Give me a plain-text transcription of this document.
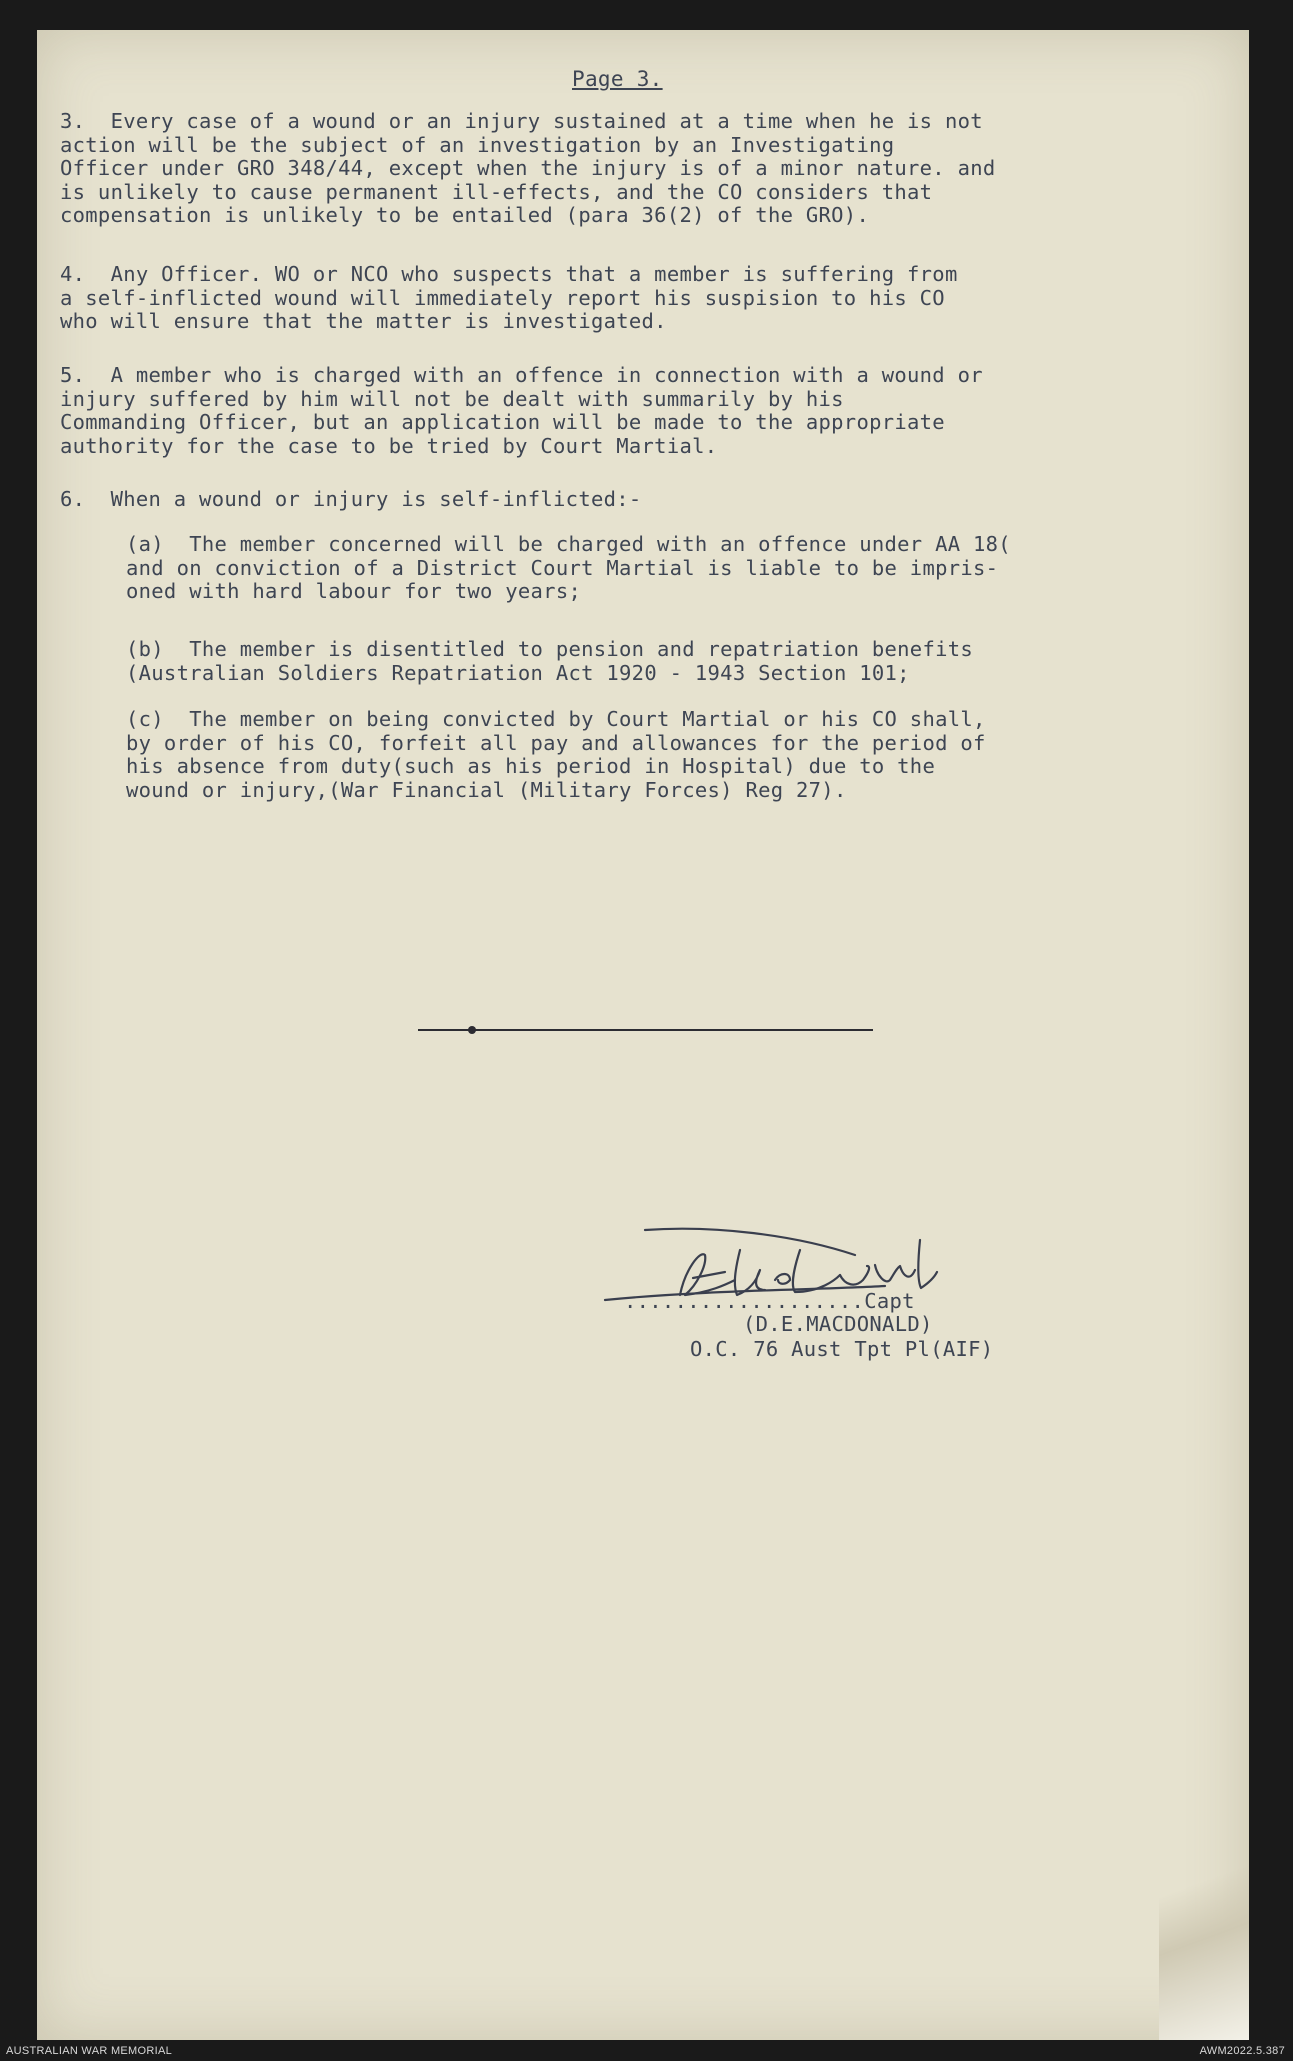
Page 3.
3.  Every case of a wound or an injury sustained at a time when he is not
action will be the subject of an investigation by an Investigating
Officer under GRO 348/44, except when the injury is of a minor nature. and
is unlikely to cause permanent ill-effects, and the CO considers that
compensation is unlikely to be entailed (para 36(2) of the GRO).
4.  Any Officer. WO or NCO who suspects that a member is suffering from
a self-inflicted wound will immediately report his suspision to his CO
who will ensure that the matter is investigated.
5.  A member who is charged with an offence in connection with a wound or
injury suffered by him will not be dealt with summarily by his
Commanding Officer, but an application will be made to the appropriate
authority for the case to be tried by Court Martial.
6.  When a wound or injury is self-inflicted:-
(a)  The member concerned will be charged with an offence under AA 18(
and on conviction of a District Court Martial is liable to be impris-
oned with hard labour for two years;
(b)  The member is disentitled to pension and repatriation benefits
(Australian Soldiers Repatriation Act 1920 - 1943 Section 101;
(c)  The member on being convicted by Court Martial or his CO shall,
by order of his CO, forfeit all pay and allowances for the period of
his absence from duty(such as his period in Hospital) due to the
wound or injury,(War Financial (Military Forces) Reg 27).
...................Capt
(D.E.MACDONALD)
O.C. 76 Aust Tpt Pl(AIF)
AUSTRALIAN WAR MEMORIAL	AWM2022.5.387
